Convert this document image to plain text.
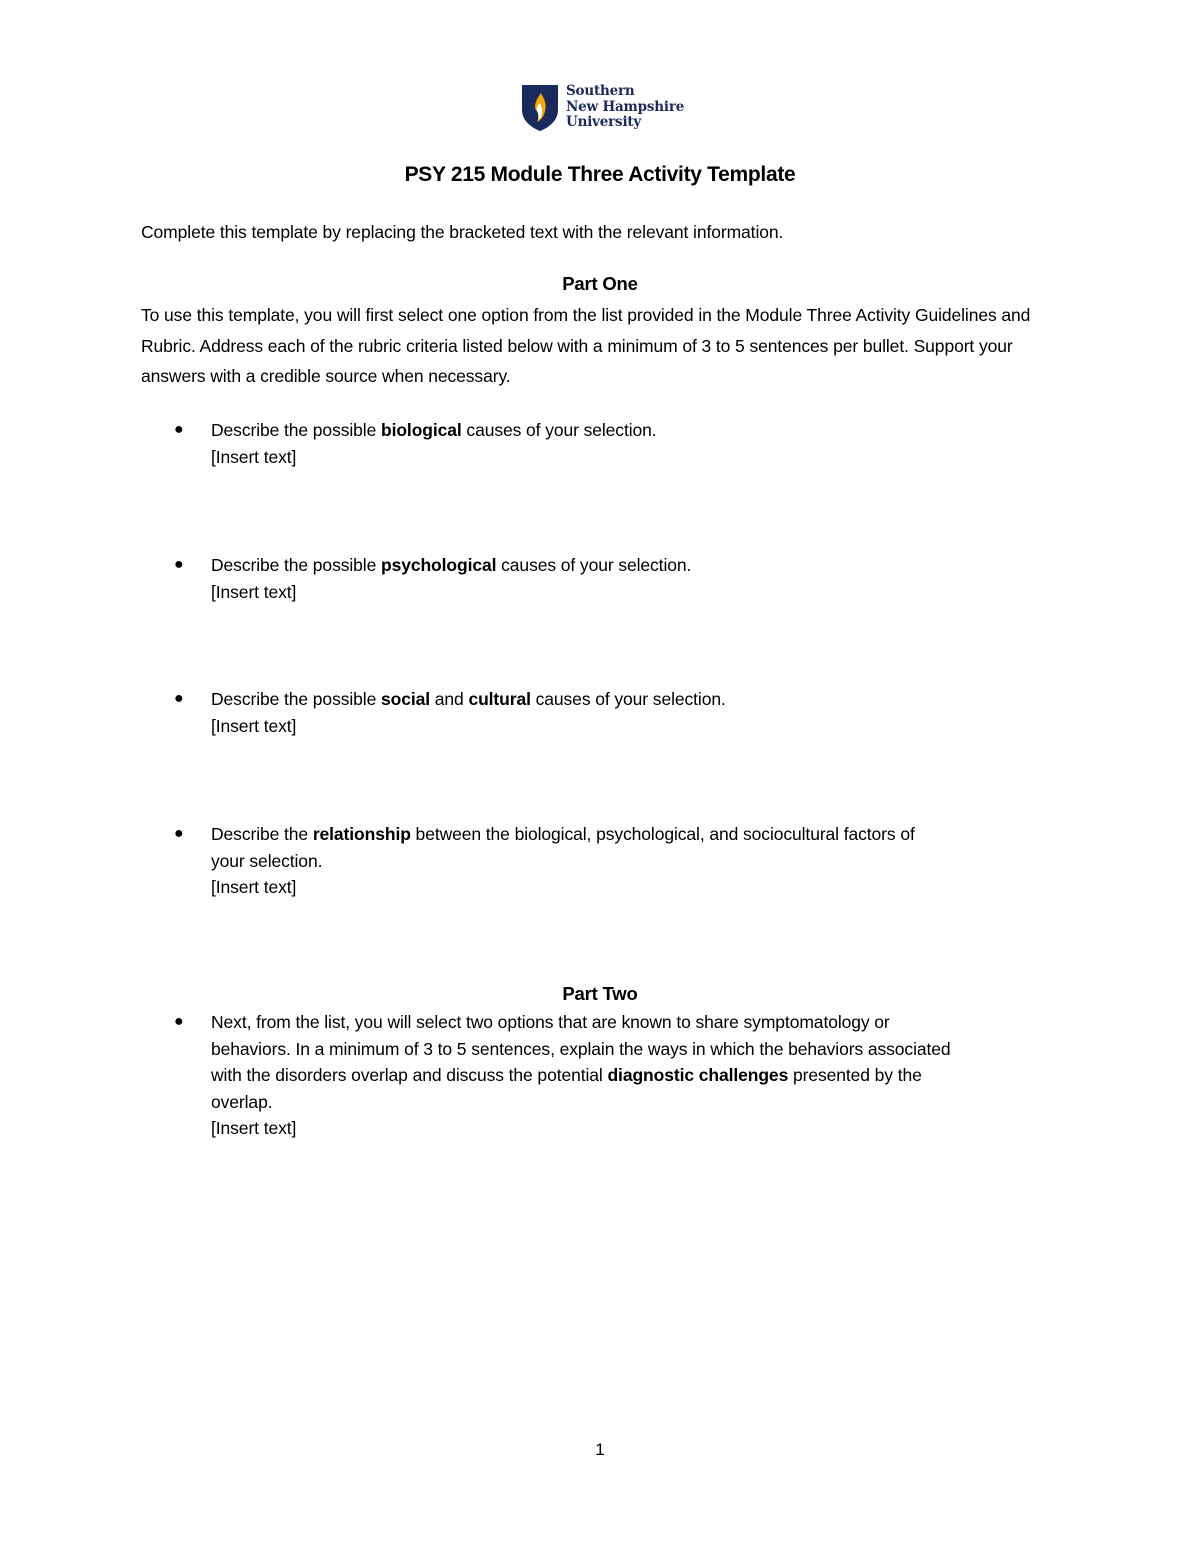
Southern
New Hampshire
University
PSY 215 Module Three Activity Template
Complete this template by replacing the bracketed text with the relevant information.
Part One
To use this template, you will first select one option from the list provided in the Module Three Activity Guidelines and Rubric. Address each of the rubric criteria listed below with a minimum of 3 to 5 sentences per bullet. Support your answers with a credible source when necessary.
● Describe the possible biological causes of your selection.
[Insert text]
● Describe the possible psychological causes of your selection.
[Insert text]
● Describe the possible social and cultural causes of your selection.
[Insert text]
● Describe the relationship between the biological, psychological, and sociocultural factors of
your selection.
[Insert text]
Part Two
● Next, from the list, you will select two options that are known to share symptomatology or
behaviors. In a minimum of 3 to 5 sentences, explain the ways in which the behaviors associated
with the disorders overlap and discuss the potential diagnostic challenges presented by the
overlap.
[Insert text]
1
